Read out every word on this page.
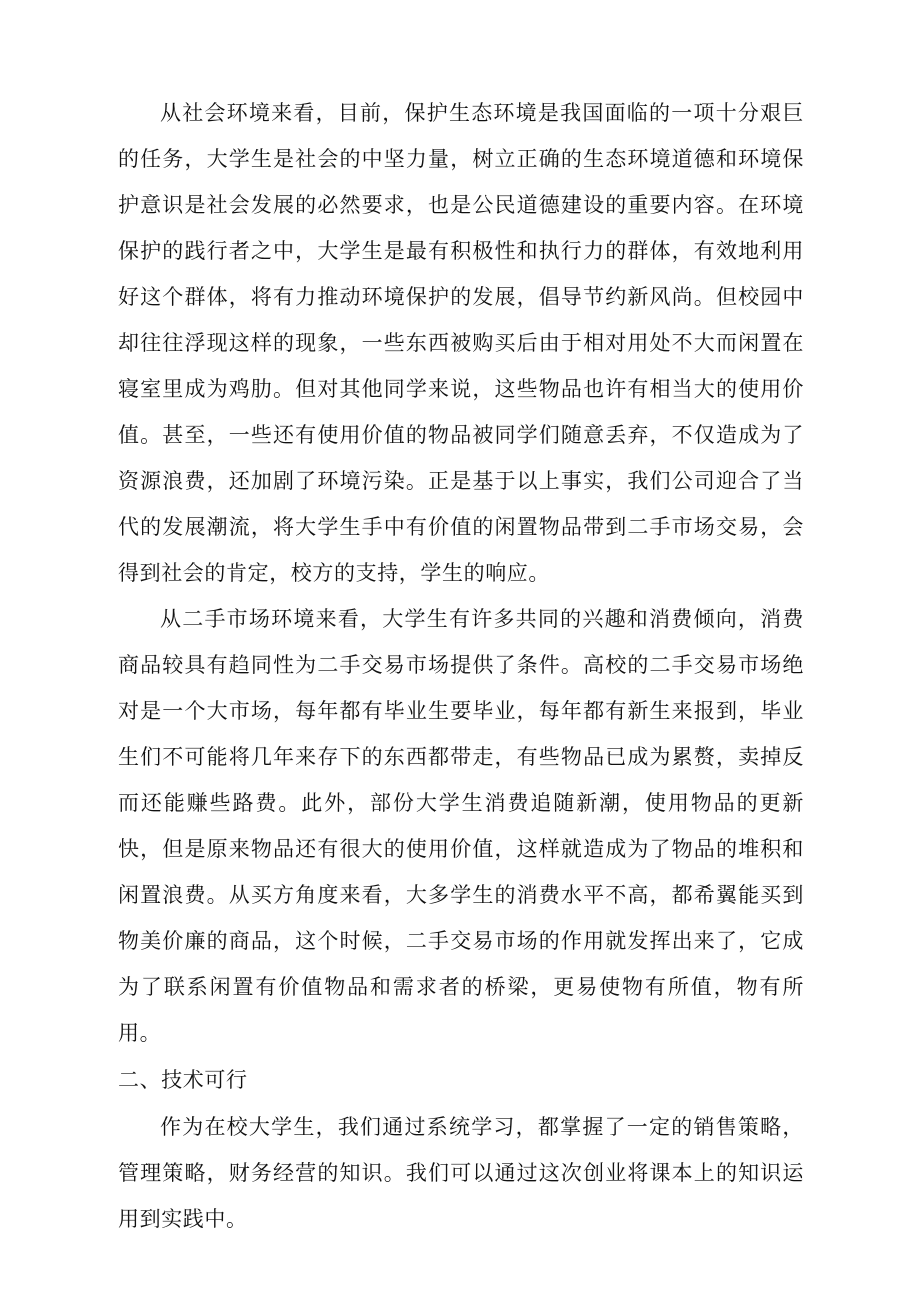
从社会环境来看，目前，保护生态环境是我国面临的一项十分艰巨的任务，大学生是社会的中坚力量，树立正确的生态环境道德和环境保护意识是社会发展的必然要求，也是公民道德建设的重要内容。在环境保护的践行者之中，大学生是最有积极性和执行力的群体，有效地利用好这个群体，将有力推动环境保护的发展，倡导节约新风尚。但校园中却往往浮现这样的现象，一些东西被购买后由于相对用处不大而闲置在寝室里成为鸡肋。但对其他同学来说，这些物品也许有相当大的使用价值。甚至，一些还有使用价值的物品被同学们随意丢弃，不仅造成为了资源浪费，还加剧了环境污染。正是基于以上事实，我们公司迎合了当代的发展潮流，将大学生手中有价值的闲置物品带到二手市场交易，会得到社会的肯定，校方的支持，学生的响应。

从二手市场环境来看，大学生有许多共同的兴趣和消费倾向，消费商品较具有趋同性为二手交易市场提供了条件。高校的二手交易市场绝对是一个大市场，每年都有毕业生要毕业，每年都有新生来报到，毕业生们不可能将几年来存下的东西都带走，有些物品已成为累赘，卖掉反而还能赚些路费。此外，部份大学生消费追随新潮，使用物品的更新快，但是原来物品还有很大的使用价值，这样就造成为了物品的堆积和闲置浪费。从买方角度来看，大多学生的消费水平不高，都希翼能买到物美价廉的商品，这个时候，二手交易市场的作用就发挥出来了，它成为了联系闲置有价值物品和需求者的桥梁，更易使物有所值，物有所用。

二、技术可行

作为在校大学生，我们通过系统学习，都掌握了一定的销售策略，管理策略，财务经营的知识。我们可以通过这次创业将课本上的知识运用到实践中。
